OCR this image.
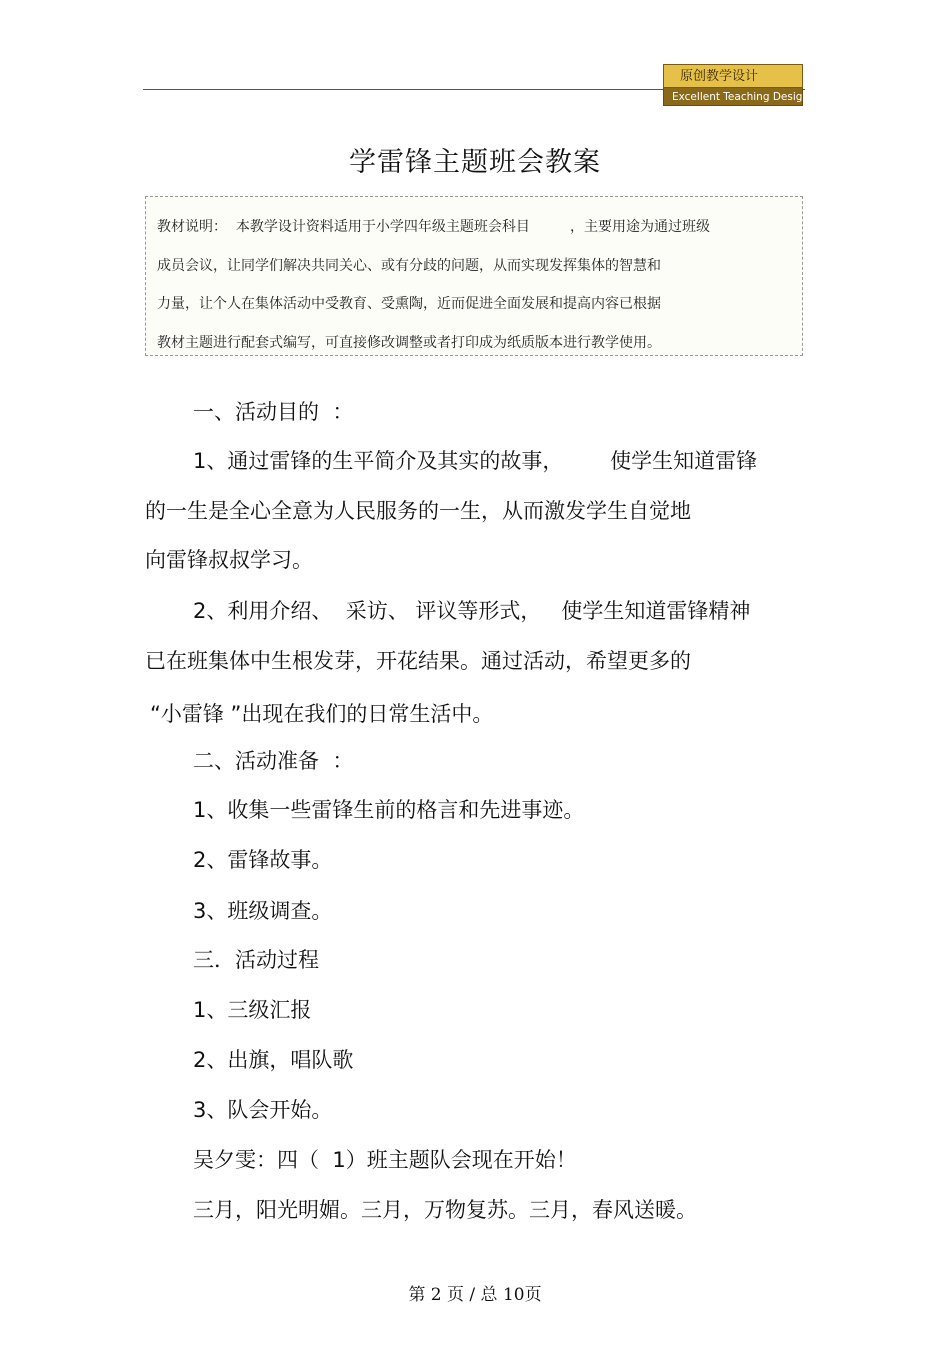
原创教学设计
Excellent Teaching Design
学雷锋主题班会教案
教材说明：  本教学设计资料适用于小学四年级主题班会科目         ，主要用途为通过班级
成员会议，让同学们解决共同关心、或有分歧的问题，从而实现发挥集体的智慧和
力量，让个人在集体活动中受教育、受熏陶，近而促进全面发展和提高内容已根据
教材主题进行配套式编写，可直接修改调整或者打印成为纸质版本进行教学使用。
一、活动目的  ：
1、通过雷锋的生平简介及其实的故事，       使学生知道雷锋
的一生是全心全意为人民服务的一生，从而激发学生自觉地
向雷锋叔叔学习。
2、利用介绍、  采访、 评议等形式，   使学生知道雷锋精神
已在班集体中生根发芽，开花结果。通过活动，希望更多的
“小雷锋 ”出现在我们的日常生活中。
二、活动准备  ：
1、收集一些雷锋生前的格言和先进事迹。
2、雷锋故事。
3、班级调查。
三．活动过程
1、三级汇报
2、出旗，唱队歌
3、队会开始。
吴夕雯：四（  1）班主题队会现在开始！
三月，阳光明媚。三月，万物复苏。三月，春风送暖。
第 2 页 / 总 10页
